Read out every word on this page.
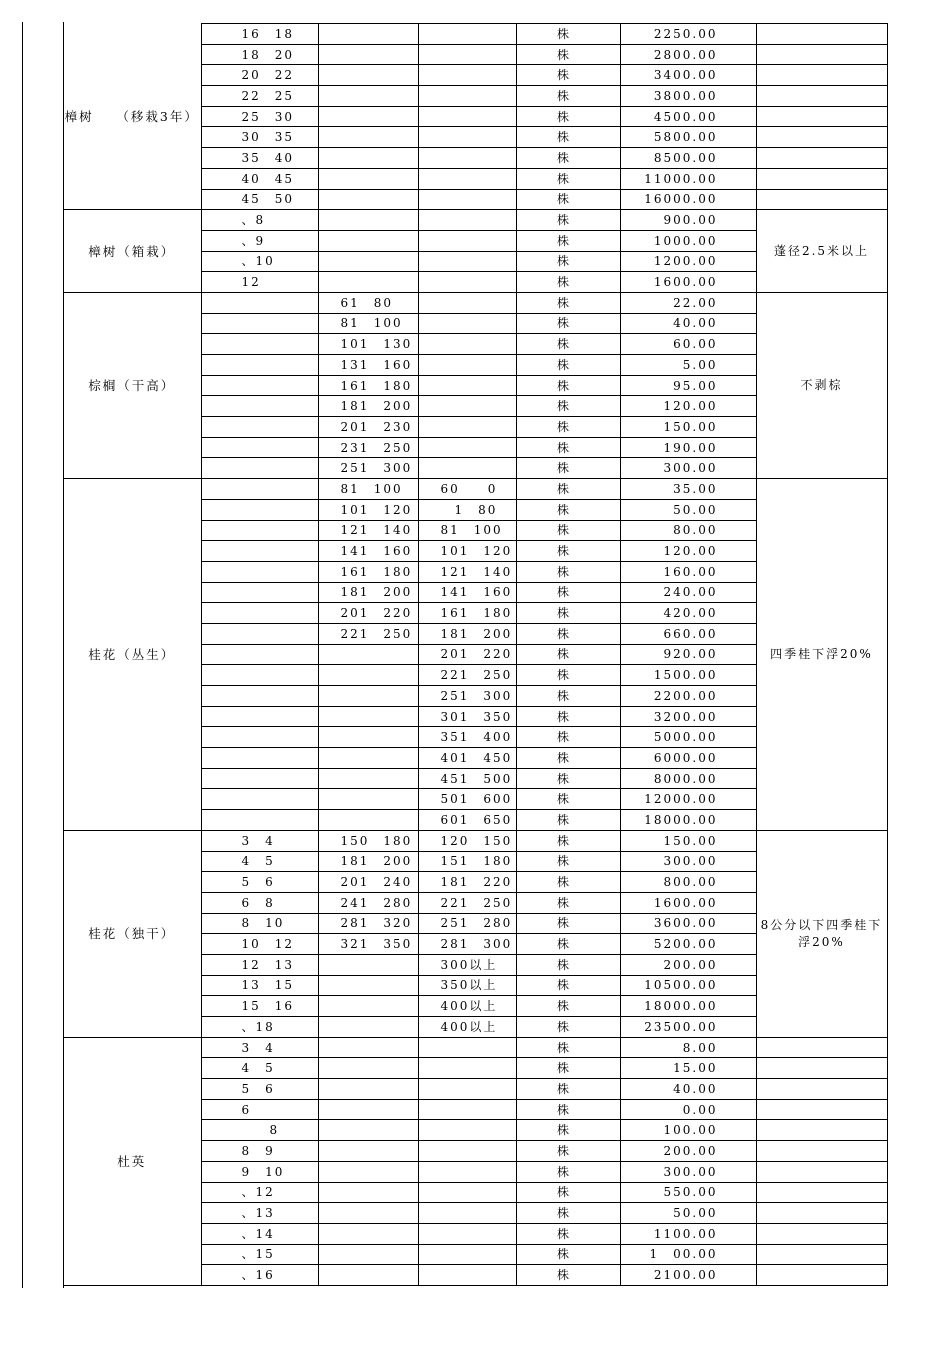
樟树　　（移栽3年）	16　18			株	2250.00	
	18　20			株	2800.00	
	20　22			株	3400.00	
	22　25			株	3800.00	
	25　30			株	4500.00	
	30　35			株	5800.00	
	35　40			株	8500.00	
	40　45			株	11000.00	
	45　50			株	16000.00	
樟树（箱栽）	、8			株	900.00	蓬径2.5米以上
	、9			株	1000.00	
	、10			株	1200.00	
	12			株	1600.00	
棕榈（干高）		61　80		株	22.00	不剥棕
		81　100		株	40.00	
		101　130		株	60.00	
		131　160		株	5.00	
		161　180		株	95.00	
		181　200		株	120.00	
		201　230		株	150.00	
		231　250		株	190.00	
		251　300		株	300.00	
桂花（丛生）		81　100	60　　0	株	35.00	四季桂下浮20%
		101　120	　1　80	株	50.00	
		121　140	81　100	株	80.00	
		141　160	101　120	株	120.00	
		161　180	121　140	株	160.00	
		181　200	141　160	株	240.00	
		201　220	161　180	株	420.00	
		221　250	181　200	株	660.00	
			201　220	株	920.00	
			221　250	株	1500.00	
			251　300	株	2200.00	
			301　350	株	3200.00	
			351　400	株	5000.00	
			401　450	株	6000.00	
			451　500	株	8000.00	
			501　600	株	12000.00	
			601　650	株	18000.00	
桂花（独干）	3　4	150　180	120　150	株	150.00	8公分以下四季桂下浮20%
	4　5	181　200	151　180	株	300.00	
	5　6	201　240	181　220	株	800.00	
	6　8	241　280	221　250	株	1600.00	
	8　10	281　320	251　280	株	3600.00	
	10　12	321　350	281　300	株	5200.00	
	12　13		300以上	株	200.00	
	13　15		350以上	株	10500.00	
	15　16		400以上	株	18000.00	
	、18		400以上	株	23500.00	
杜英	3　4			株	8.00	
	4　5			株	15.00	
	5　6			株	40.00	
	6			株	0.00	
	　　8			株	100.00	
	8　9			株	200.00	
	9　10			株	300.00	
	、12			株	550.00	
	、13			株	50.00	
	、14			株	1100.00	
	、15			株	1　00.00	
	、16			株	2100.00	
